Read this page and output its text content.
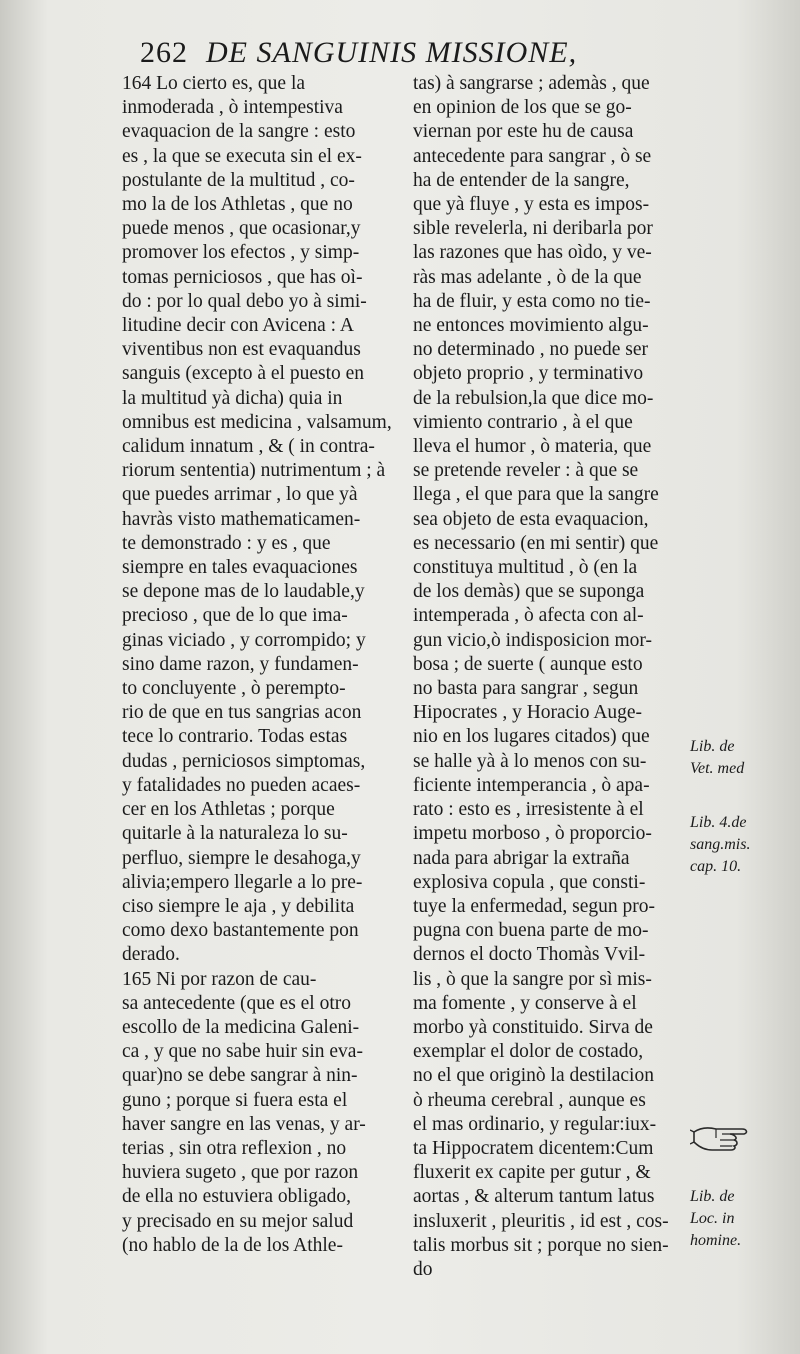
262 DE SANGUINIS MISSIONE,
164 Lo cierto es, que la
inmoderada , ò intempestiva
evaquacion de la sangre : esto
es , la que se executa sin el ex-
postulante de la multitud , co-
mo la de los Athletas , que no
puede menos , que ocasionar,y
promover los efectos , y simp-
tomas perniciosos , que has oì-
do : por lo qual debo yo à simi-
litudine decir con Avicena : A
viventibus non est evaquandus
sanguis (excepto à el puesto en
la multitud yà dicha) quia in
omnibus est medicina , valsamum,
calidum innatum , & ( in contra-
riorum sententia) nutrimentum ; à
que puedes arrimar , lo que yà
havràs visto mathematicamen-
te demonstrado : y es , que
siempre en tales evaquaciones
se depone mas de lo laudable,y
precioso , que de lo que ima-
ginas viciado , y corrompido; y
sino dame razon, y fundamen-
to concluyente , ò perempto-
rio de que en tus sangrias acon
tece lo contrario. Todas estas
dudas , perniciosos simptomas,
y fatalidades no pueden acaes-
cer en los Athletas ; porque
quitarle à la naturaleza lo su-
perfluo, siempre le desahoga,y
alivia;empero llegarle a lo pre-
ciso siempre le aja , y debilita
como dexo bastantemente pon
derado.
165 Ni por razon de cau-
sa antecedente (que es el otro
escollo de la medicina Galeni-
ca , y que no sabe huir sin eva-
quar)no se debe sangrar à nin-
guno ; porque si fuera esta el
haver sangre en las venas, y ar-
terias , sin otra reflexion , no
huviera sugeto , que por razon
de ella no estuviera obligado,
y precisado en su mejor salud
(no hablo de la de los Athle-
tas) à sangrarse ; ademàs , que
en opinion de los que se go-
viernan por este hu de causa
antecedente para sangrar , ò se
ha de entender de la sangre,
que yà fluye , y esta es impos-
sible revelerla, ni deribarla por
las razones que has oìdo, y ve-
ràs mas adelante , ò de la que
ha de fluir, y esta como no tie-
ne entonces movimiento algu-
no determinado , no puede ser
objeto proprio , y terminativo
de la rebulsion,la que dice mo-
vimiento contrario , à el que
lleva el humor , ò materia, que
se pretende reveler : à que se
llega , el que para que la sangre
sea objeto de esta evaquacion,
es necessario (en mi sentir) que
constituya multitud , ò (en la
de los demàs) que se suponga
intemperada , ò afecta con al-
gun vicio,ò indisposicion mor-
bosa ; de suerte ( aunque esto
no basta para sangrar , segun
Hipocrates , y Horacio Auge-
nio en los lugares citados) que
se halle yà à lo menos con su-
ficiente intemperancia , ò apa-
rato : esto es , irresistente à el
impetu morboso , ò proporcio-
nada para abrigar la extraña
explosiva copula , que consti-
tuye la enfermedad, segun pro-
pugna con buena parte de mo-
dernos el docto Thomàs Vvil-
lis , ò que la sangre por sì mis-
ma fomente , y conserve à el
morbo yà constituido. Sirva de
exemplar el dolor de costado,
no el que originò la destilacion
ò rheuma cerebral , aunque es
el mas ordinario, y regular:iux-
ta Hippocratem dicentem:Cum
fluxerit ex capite per gutur , &
aortas , & alterum tantum latus
insluxerit , pleuritis , id est , cos-
talis morbus sit ; porque no sien-
do
Lib. de
Vet. med
Lib. 4.de
sang.mis.
cap. 10.
Lib. de
Loc. in
homine.
